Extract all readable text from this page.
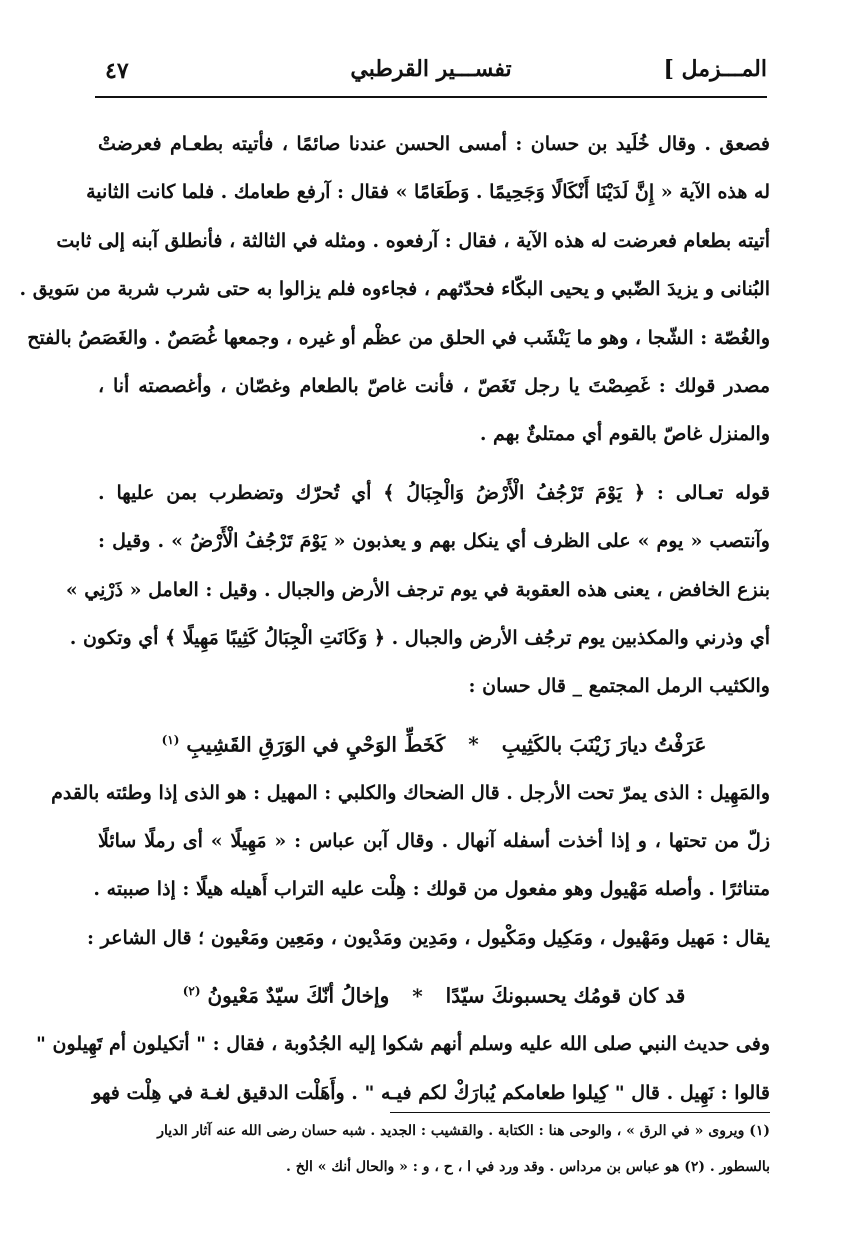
المـــزمل ]
تفســـير القرطبي
٤٧
فصعق . وقال خُلَيد بن حسان : أمسى الحسن عندنا صائمًا ، فأتيته بطعـام فعرضتْ
له هذه الآية « إِنَّ لَدَيْنَا أَنْكَالًا وَجَحِيمًا . وَطَعَامًا » فقال : آرفع طعامك . فلما كانت الثانية
أتيته بطعام فعرضت له هذه الآية ، فقال : آرفعوه . ومثله في الثالثة ، فأنطلق آبنه إلى ثابت
البُنانى و يزيدَ الضّبي و يحيى البكّاء فحدّثهم ، فجاءوه فلم يزالوا به حتى شرب شربة من سَويق .
والغُصّة : الشّجا ، وهو ما يَنْشَب في الحلق من عظْم أو غيره ، وجمعها غُصَصٌ . والغَصَصُ بالفتح
مصدر قولك : غَصِصْتَ يا رجل تَغَصّ ، فأنت غاصّ بالطعام وغصّان ، وأغصصته أنا ،
والمنزل غاصّ بالقوم أي ممتلئٌ بهم .
قوله تعـالى : ﴿ يَوْمَ تَرْجُفُ الْأَرْضُ وَالْجِبَالُ ﴾ أي تُحرّك وتضطرب بمن عليها .
وآنتصب « يوم » على الظرف أي ينكل بهم و يعذبون « يَوْمَ تَرْجُفُ الْأَرْضُ » . وقيل :
بنزع الخافض ، يعنى هذه العقوبة في يوم ترجف الأرض والجبال . وقيل : العامل « ذَرْنِي »
أي وذرني والمكذبين يوم ترجُف الأرض والجبال . ﴿ وَكَانَتِ الْجِبَالُ كَثِيبًا مَهِيلًا ﴾ أي وتكون .
والكثيب الرمل المجتمع _ قال حسان :
عَرَفْتُ ديارَ زَيْنَبَ بالكَثِيبِ * كَخَطِّ الوَحْيِ في الوَرَقِ القَشِيبِ $^{(١)}$
والمَهِيل : الذى يمرّ تحت الأرجل . قال الضحاك والكلبي : المهيل : هو الذى إذا وطئته بالقدم
زلّ من تحتها ، و إذا أخذت أسفله آنهال . وقال آبن عباس : « مَهِيلًا » أى رملًا سائلًا
متناثرًا . وأصله مَهْيول وهو مفعول من قولك : هِلْت عليه التراب أَهيله هيلًا : إذا صببته .
يقال : مَهيل ومَهْيول ، ومَكِيل ومَكْيول ، ومَدِين ومَدْيون ، ومَعِين ومَعْيون ؛ قال الشاعر :
قد كان قومُك يحسبونكَ سيّدًا * وإخالُ أنّكَ سيّدٌ مَعْيونُ $^{(٢)}$
وفى حديث النبي صلى الله عليه وسلم أنهم شكوا إليه الجُدُوبة ، فقال : " أتكيلون أم تَهِيلون "
قالوا : نَهِيل . قال " كِيلوا طعامكم يُبارَكْ لكم فيـه " . وأَهَلْت الدقيق لغـة في هِلْت فهو
(١) ويروى « في الرق » ، والوحى هنا : الكتابة . والقشيب : الجديد . شبه حسان رضى الله عنه آثار الديار
بالسطور . (٢) هو عباس بن مرداس . وقد ورد في ا ، ح ، و : « والحال أنك » الخ .
